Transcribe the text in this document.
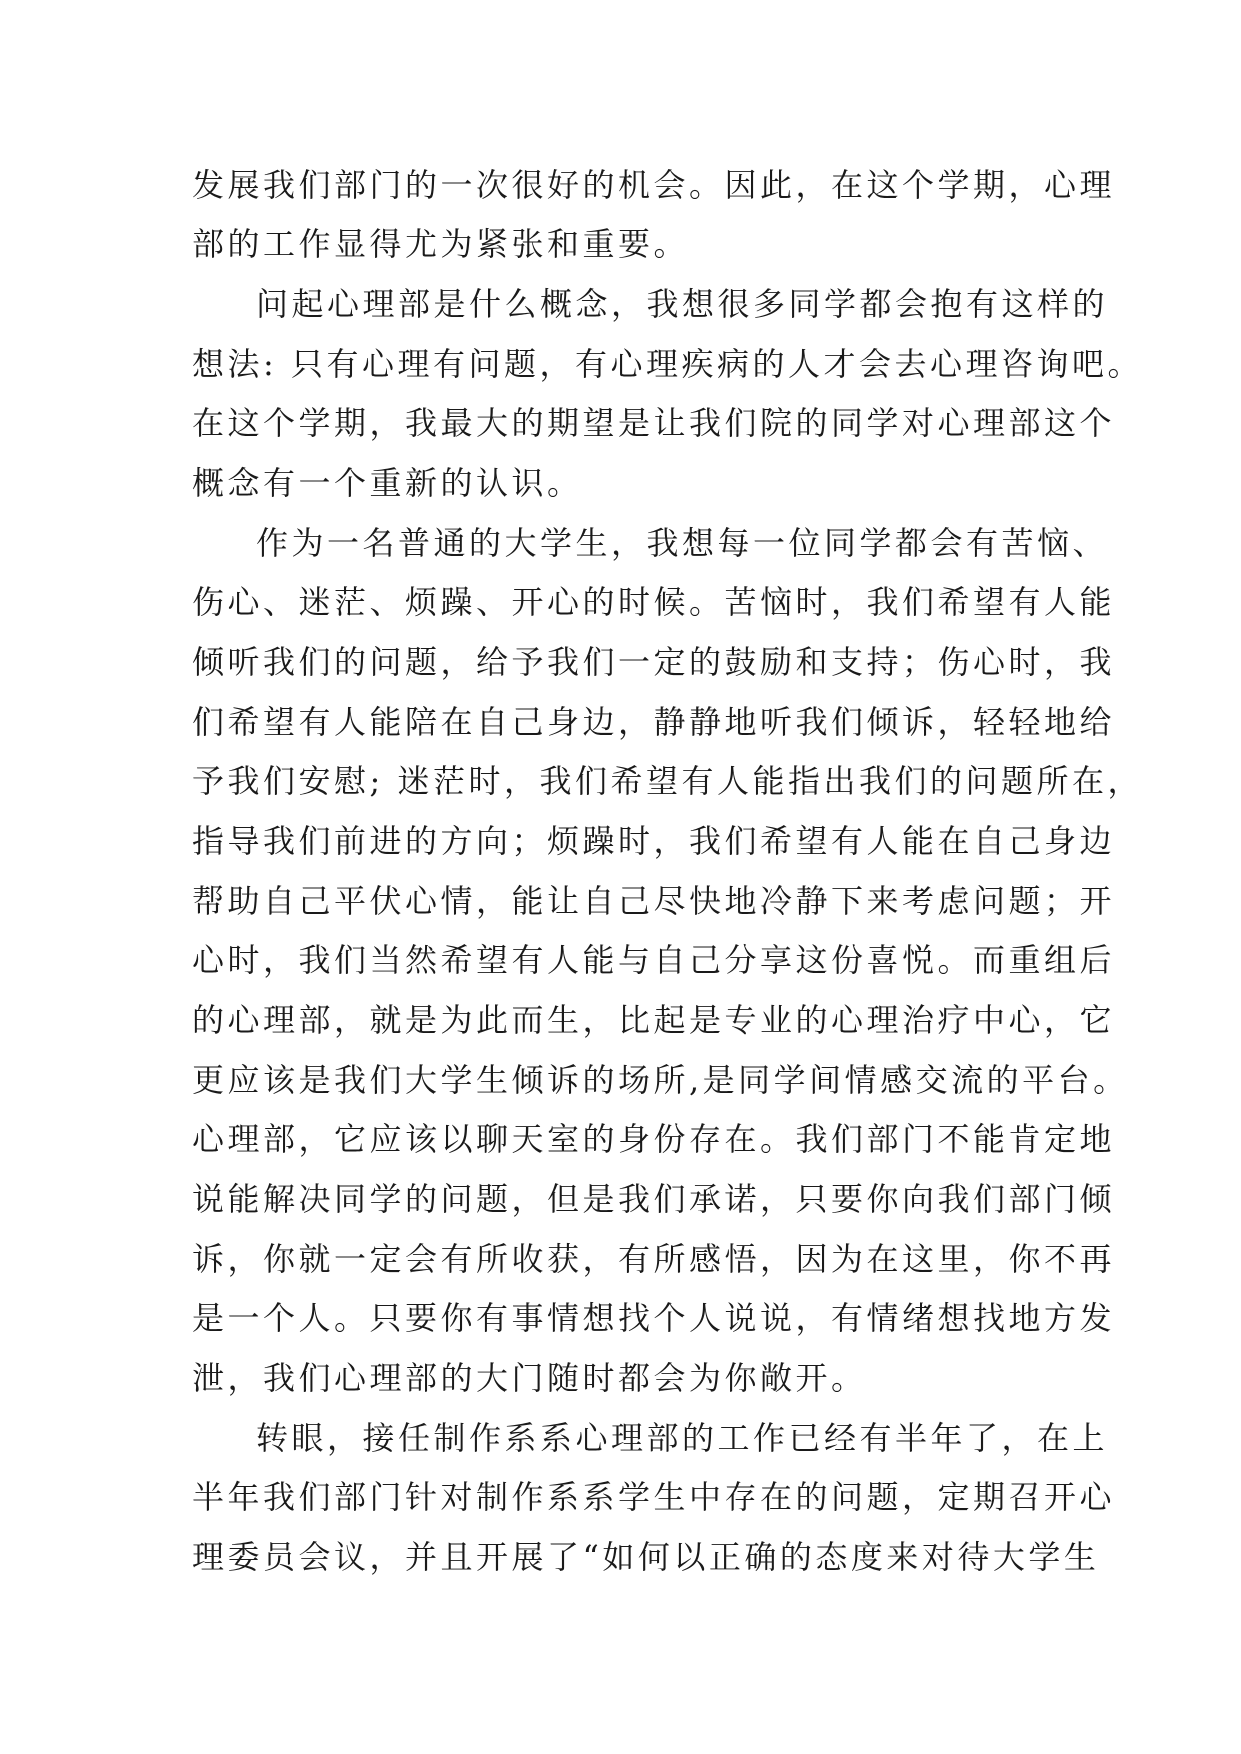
发展我们部门的一次很好的机会。因此，在这个学期，心理
部的工作显得尤为紧张和重要。
问起心理部是什么概念，我想很多同学都会抱有这样的
想法: 只有心理有问题，有心理疾病的人才会去心理咨询吧。
在这个学期，我最大的期望是让我们院的同学对心理部这个
概念有一个重新的认识。
作为一名普通的大学生，我想每一位同学都会有苦恼、
伤心、迷茫、烦躁、开心的时候。苦恼时，我们希望有人能
倾听我们的问题，给予我们一定的鼓励和支持；伤心时，我
们希望有人能陪在自己身边，静静地听我们倾诉，轻轻地给
予我们安慰; 迷茫时，我们希望有人能指出我们的问题所在，
指导我们前进的方向；烦躁时，我们希望有人能在自己身边
帮助自己平伏心情，能让自己尽快地冷静下来考虑问题；开
心时，我们当然希望有人能与自己分享这份喜悦。而重组后
的心理部，就是为此而生，比起是专业的心理治疗中心，它
更应该是我们大学生倾诉的场所,是同学间情感交流的平台。
心理部，它应该以聊天室的身份存在。我们部门不能肯定地
说能解决同学的问题，但是我们承诺，只要你向我们部门倾
诉，你就一定会有所收获，有所感悟，因为在这里，你不再
是一个人。只要你有事情想找个人说说，有情绪想找地方发
泄，我们心理部的大门随时都会为你敞开。
转眼，接任制作系系心理部的工作已经有半年了，在上
半年我们部门针对制作系系学生中存在的问题，定期召开心
理委员会议，并且开展了“如何以正确的态度来对待大学生
